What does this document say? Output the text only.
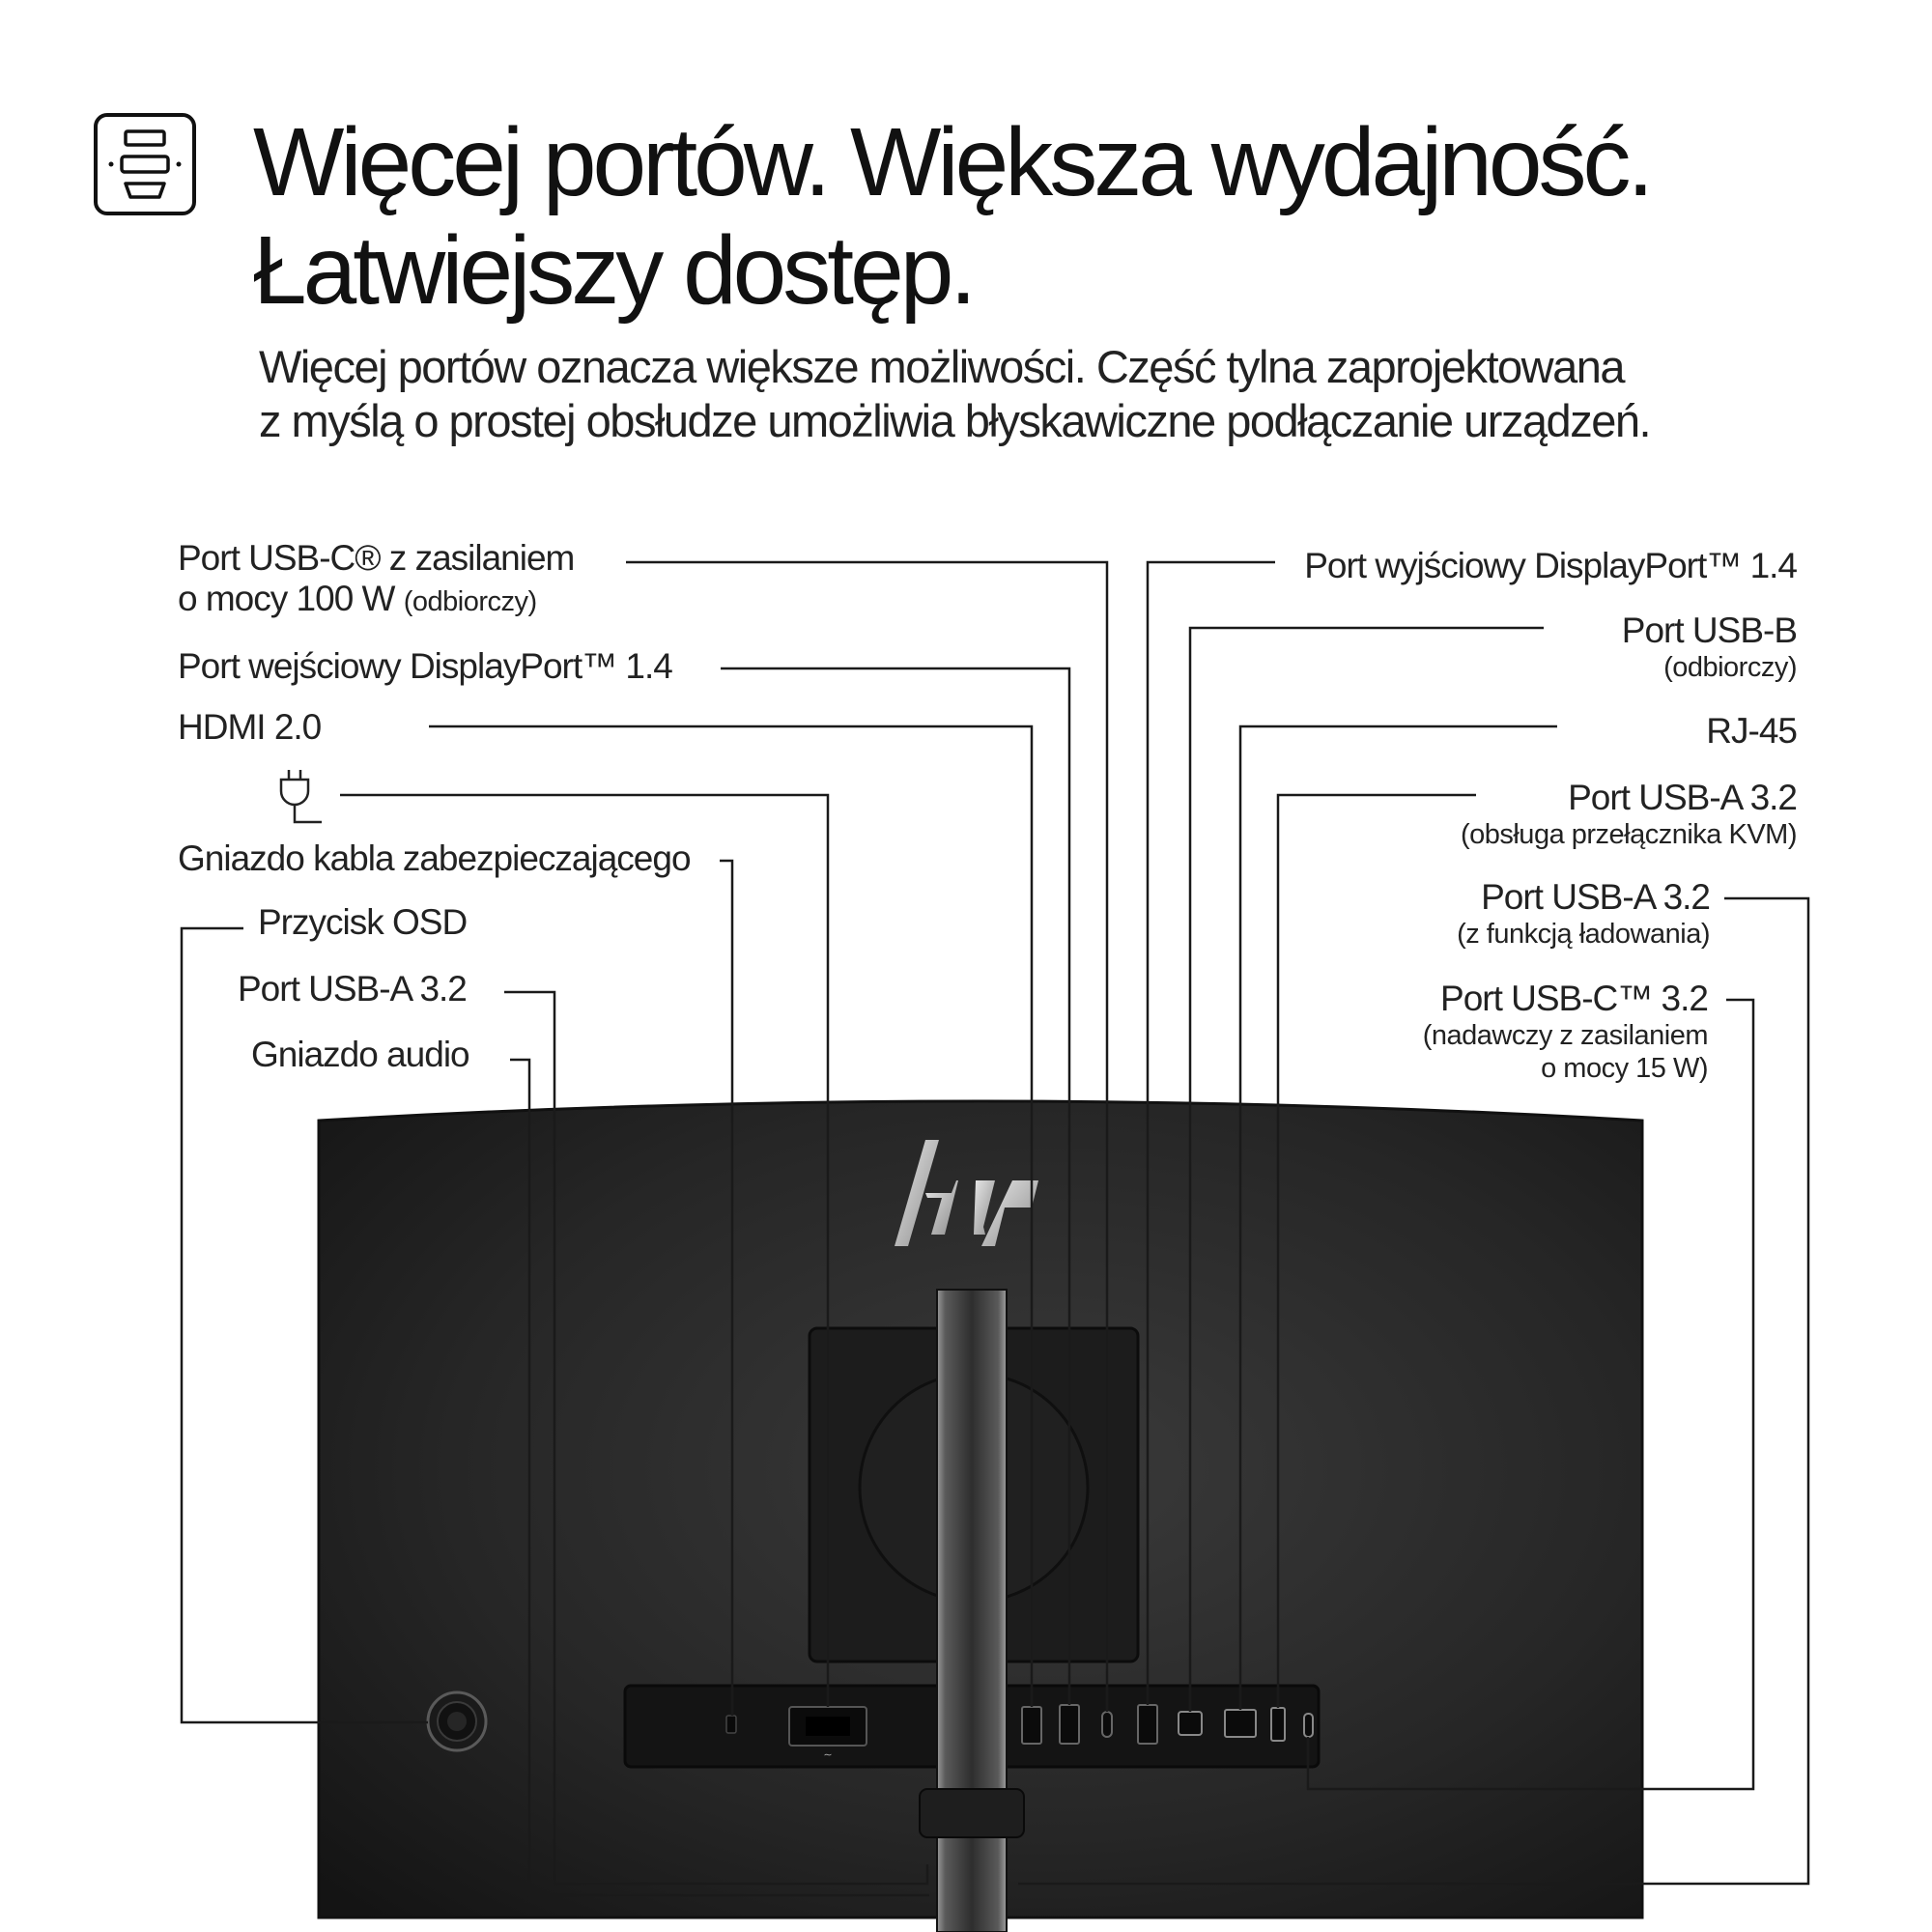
Więcej portów. Większa wydajność.
Łatwiejszy dostęp.
Więcej portów oznacza większe możliwości. Część tylna zaprojektowana
z myślą o prostej obsłudze umożliwia błyskawiczne podłączanie urządzeń.
∼
Port USB-C® z zasilaniem
o mocy 100 W (odbiorczy)
Port wejściowy DisplayPort™ 1.4
HDMI 2.0
Gniazdo kabla zabezpieczającego
Przycisk OSD
Port USB-A 3.2
Gniazdo audio
Port wyjściowy DisplayPort™ 1.4
Port USB-B
(odbiorczy)
RJ-45
Port USB-A 3.2
(obsługa przełącznika KVM)
Port USB-A 3.2
(z funkcją ładowania)
Port USB-C™ 3.2
(nadawczy z zasilaniem
o mocy 15 W)
